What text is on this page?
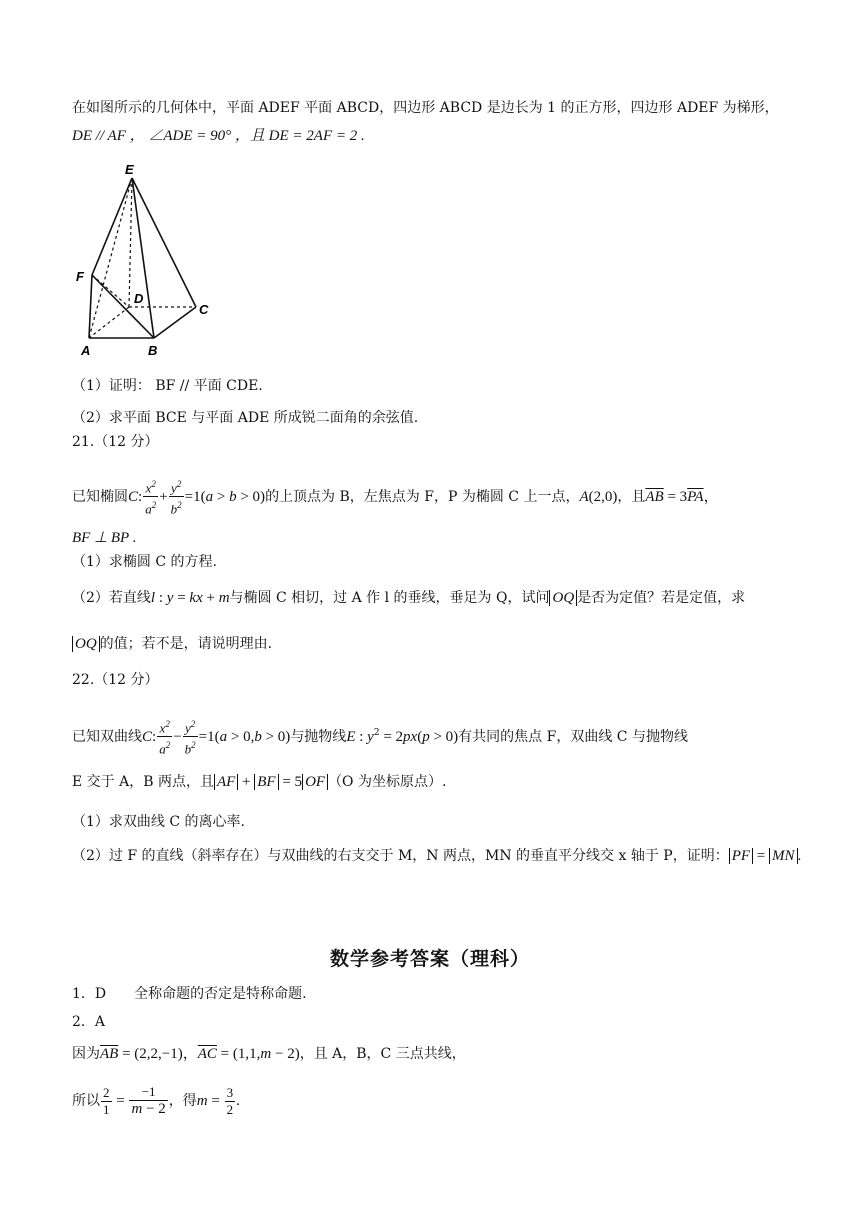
在如图所示的几何体中，平面 ADEF 平面 ABCD，四边形 ABCD 是边长为 1 的正方形，四边形 ADEF 为梯形，
DE // AF ， ∠ADE = 90° ，且 DE = 2AF = 2 .
E
F
D
C
A	B
（1）证明： BF // 平面 CDE.
（2）求平面 BCE 与平面 ADE 所成锐二面角的余弦值.
21.（12 分）
已知椭圆C: $\frac{x^2}{a^2} + \frac{y^2}{b^2} =1(a > b > 0)$的上顶点为 B，左焦点为 F，P 为椭圆 C 上一点，A(2,0)，且$\overline{AB} = 3\overline{PA}$，
BF ⊥ BP .
（1）求椭圆 C 的方程.
（2）若直线l : y = kx + m与椭圆 C 相切，过 A 作 l 的垂线，垂足为 Q，试问 OQ 是否为定值？若是定值，求
OQ 的值；若不是，请说明理由.
22.（12 分）
已知双曲线C: $\frac{x^2}{a^2} - \frac{y^2}{b^2} =1(a > 0,b > 0)$与抛物线E : $y^2 = 2px(p > 0)$有共同的焦点 F，双曲线 C 与抛物线
E 交于 A，B 两点，且 AF + BF = 5 OF （O 为坐标原点）.
（1）求双曲线 C 的离心率.
（2）过 F 的直线（斜率存在）与双曲线的右支交于 M，N 两点，MN 的垂直平分线交 x 轴于 P，证明： PF = MN .
数学参考答案（理科）
1．D　　全称命题的否定是特称命题.
2．A
因为$\overline{AB} = (2,2,-1)$，$\overline{AC} = (1,1,m - 2)$，且 A，B，C 三点共线，
所以 $\frac{2}{1} = \frac{-1}{m - 2}$ ，得$m = \frac{3}{2}$ .
